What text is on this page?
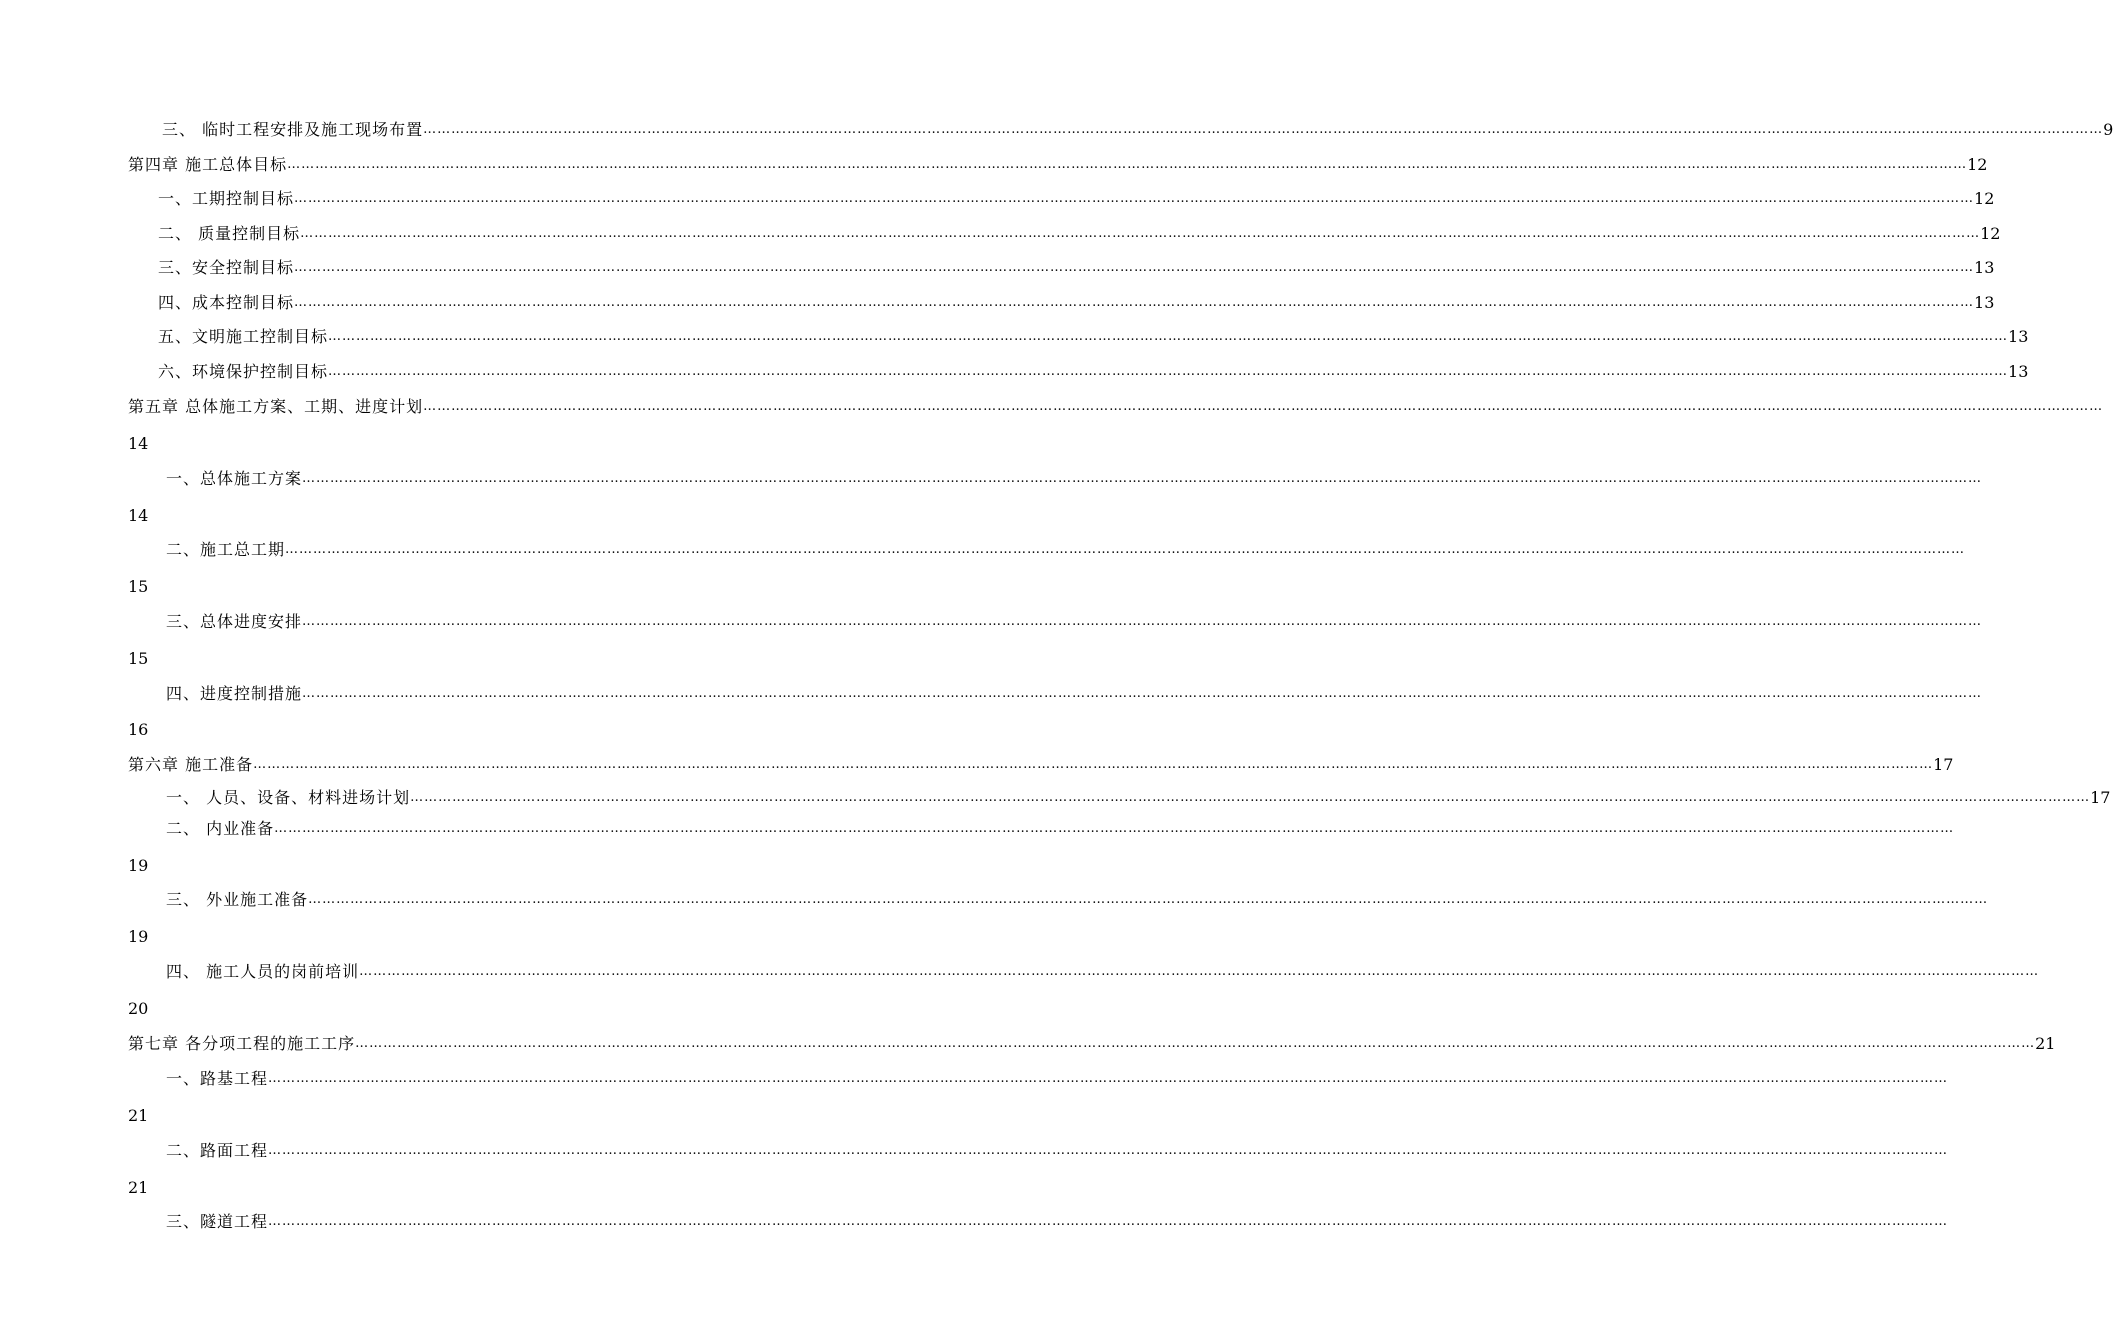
三、 临时工程安排及施工现场布置 ……………………………………………………………………………………………………………………………………………………………………………………………………………………………………………………………………………………………………………………………… 9
第四章 施工总体目标 ……………………………………………………………………………………………………………………………………………………………………………………………………………………………………………………………………………………………………………………………… 12
一、工期控制目标 ……………………………………………………………………………………………………………………………………………………………………………………………………………………………………………………………………………………………………………………………… 12
二、 质量控制目标 ……………………………………………………………………………………………………………………………………………………………………………………………………………………………………………………………………………………………………………………………… 12
三、安全控制目标 ……………………………………………………………………………………………………………………………………………………………………………………………………………………………………………………………………………………………………………………………… 13
四、成本控制目标 ……………………………………………………………………………………………………………………………………………………………………………………………………………………………………………………………………………………………………………………………… 13
五、文明施工控制目标 ……………………………………………………………………………………………………………………………………………………………………………………………………………………………………………………………………………………………………………………………… 13
六、环境保护控制目标 ……………………………………………………………………………………………………………………………………………………………………………………………………………………………………………………………………………………………………………………………… 13
第五章 总体施工方案、工期、进度计划 ………………………………………………………………………………………………………………………………………………………………………………………………………………………………………………………………………………………………………………………………
14
一、总体施工方案 ………………………………………………………………………………………………………………………………………………………………………………………………………………………………………………………………………………………………………………………………
14
二、施工总工期 ………………………………………………………………………………………………………………………………………………………………………………………………………………………………………………………………………………………………………………………………
15
三、总体进度安排 ………………………………………………………………………………………………………………………………………………………………………………………………………………………………………………………………………………………………………………………………
15
四、进度控制措施 ………………………………………………………………………………………………………………………………………………………………………………………………………………………………………………………………………………………………………………………………
16
第六章 施工准备 ……………………………………………………………………………………………………………………………………………………………………………………………………………………………………………………………………………………………………………………………… 17
一、 人员、设备、材料进场计划 ……………………………………………………………………………………………………………………………………………………………………………………………………………………………………………………………………………………………………………………………… 17
二、 内业准备 ………………………………………………………………………………………………………………………………………………………………………………………………………………………………………………………………………………………………………………………………
19
三、 外业施工准备 ………………………………………………………………………………………………………………………………………………………………………………………………………………………………………………………………………………………………………………………………
19
四、 施工人员的岗前培训 ………………………………………………………………………………………………………………………………………………………………………………………………………………………………………………………………………………………………………………………………
20
第七章 各分项工程的施工工序 ……………………………………………………………………………………………………………………………………………………………………………………………………………………………………………………………………………………………………………………………… 21
一、路基工程 ………………………………………………………………………………………………………………………………………………………………………………………………………………………………………………………………………………………………………………………………
21
二、路面工程 ………………………………………………………………………………………………………………………………………………………………………………………………………………………………………………………………………………………………………………………………
21
三、隧道工程 ………………………………………………………………………………………………………………………………………………………………………………………………………………………………………………………………………………………………………………………………
